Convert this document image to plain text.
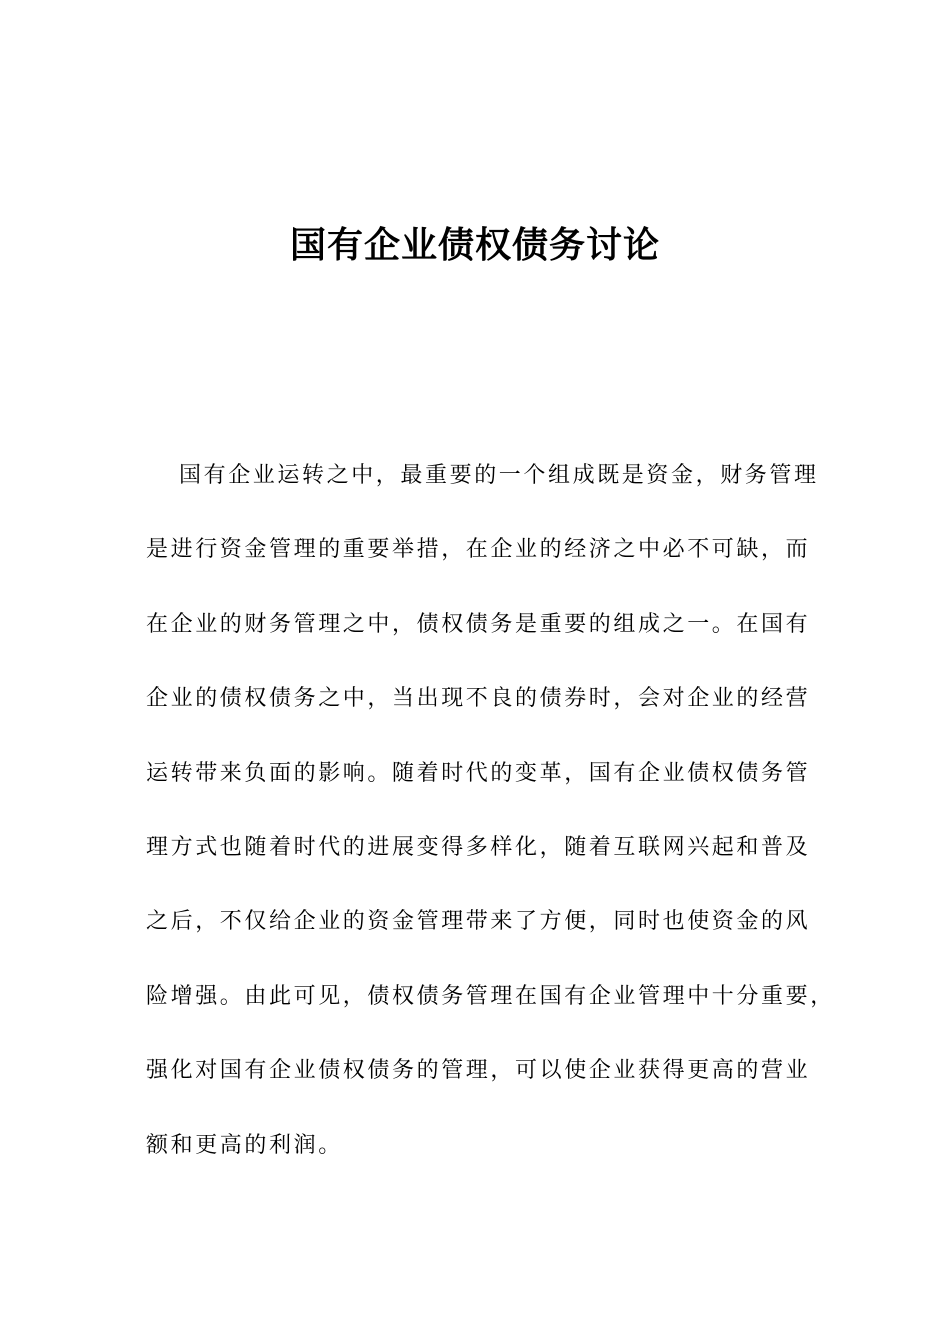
国有企业债权债务讨论
国有企业运转之中，最重要的一个组成既是资金，财务管理
是进行资金管理的重要举措，在企业的经济之中必不可缺，而
在企业的财务管理之中，债权债务是重要的组成之一。在国有
企业的债权债务之中，当出现不良的债券时，会对企业的经营
运转带来负面的影响。随着时代的变革，国有企业债权债务管
理方式也随着时代的进展变得多样化，随着互联网兴起和普及
之后，不仅给企业的资金管理带来了方便，同时也使资金的风
险增强。由此可见，债权债务管理在国有企业管理中十分重要，
强化对国有企业债权债务的管理，可以使企业获得更高的营业
额和更高的利润。
